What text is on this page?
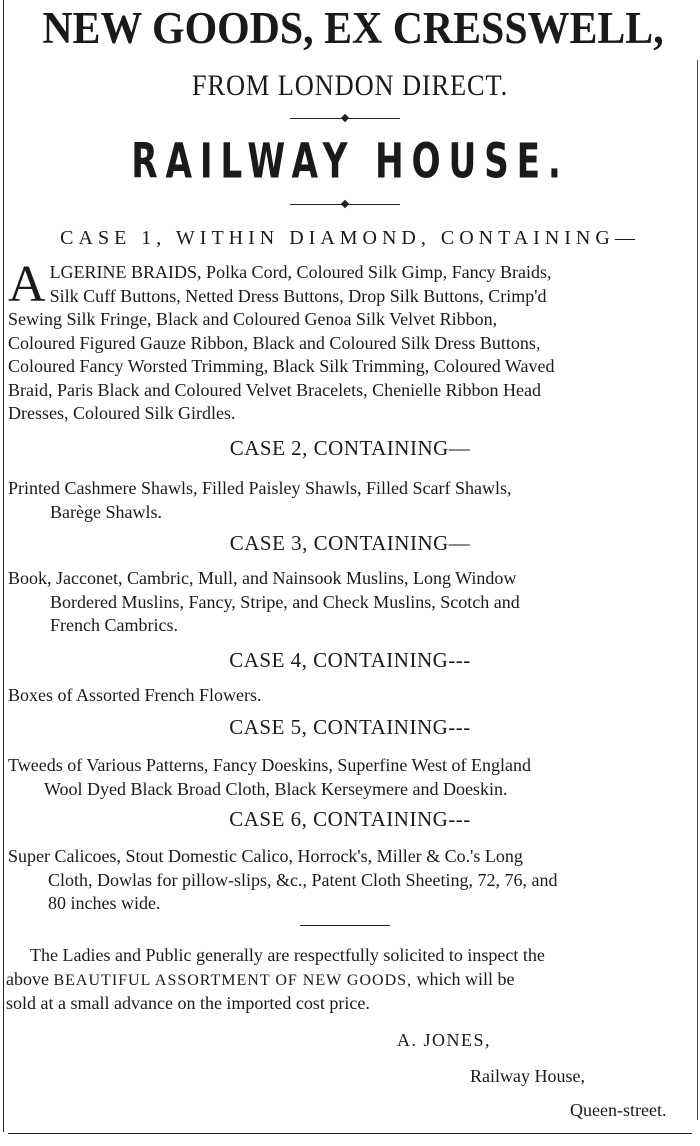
NEW GOODS, EX CRESSWELL,
FROM LONDON DIRECT.
RAILWAY HOUSE.
CASE 1, WITHIN DIAMOND, CONTAINING—
A LGERINE BRAIDS, Polka Cord, Coloured Silk Gimp, Fancy Braids,
Silk Cuff Buttons, Netted Dress Buttons, Drop Silk Buttons, Crimp'd
Sewing Silk Fringe, Black and Coloured Genoa Silk Velvet Ribbon,
Coloured Figured Gauze Ribbon, Black and Coloured Silk Dress Buttons,
Coloured Fancy Worsted Trimming, Black Silk Trimming, Coloured Waved
Braid, Paris Black and Coloured Velvet Bracelets, Chenielle Ribbon Head
Dresses, Coloured Silk Girdles.
CASE 2, CONTAINING—
Printed Cashmere Shawls, Filled Paisley Shawls, Filled Scarf Shawls,
Barège Shawls.
CASE 3, CONTAINING—
Book, Jacconet, Cambric, Mull, and Nainsook Muslins, Long Window
Bordered Muslins, Fancy, Stripe, and Check Muslins, Scotch and
French Cambrics.
CASE 4, CONTAINING---
Boxes of Assorted French Flowers.
CASE 5, CONTAINING---
Tweeds of Various Patterns, Fancy Doeskins, Superfine West of England
Wool Dyed Black Broad Cloth, Black Kerseymere and Doeskin.
CASE 6, CONTAINING---
Super Calicoes, Stout Domestic Calico, Horrock's, Miller & Co.'s Long
Cloth, Dowlas for pillow-slips, &c., Patent Cloth Sheeting, 72, 76, and
80 inches wide.
The Ladies and Public generally are respectfully solicited to inspect the
above BEAUTIFUL ASSORTMENT OF NEW GOODS, which will be
sold at a small advance on the imported cost price.
A. JONES,
Railway House,
Queen-street.
